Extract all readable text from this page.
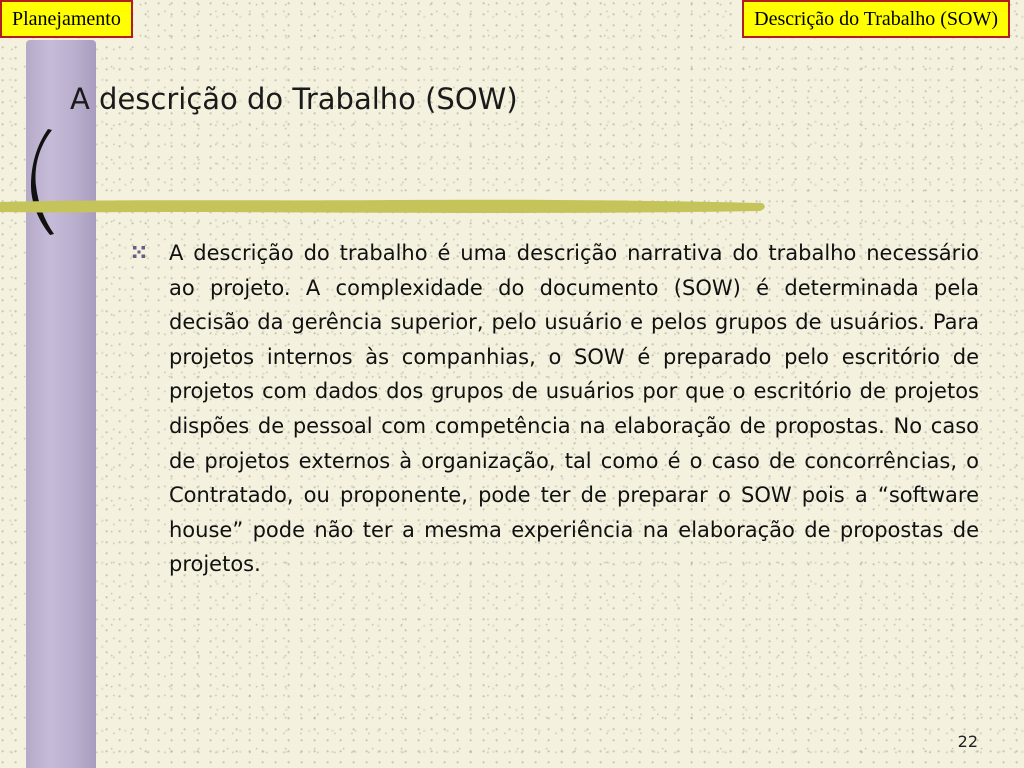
Planejamento	Descrição do Trabalho (SOW)
A descrição do Trabalho (SOW)

A descrição do trabalho é uma descrição narrativa do trabalho necessário ao projeto. A complexidade do documento (SOW) é determinada pela decisão da gerência superior, pelo usuário e pelos grupos de usuários. Para projetos internos às companhias, o SOW é preparado pelo escritório de projetos com dados dos grupos de usuários por que o escritório de projetos dispões de pessoal com competência na elaboração de propostas. No caso de projetos externos à organização, tal como é o caso de concorrências, o Contratado, ou proponente, pode ter de preparar o SOW pois a “software house” pode não ter a mesma experiência na elaboração de propostas de projetos.

22
